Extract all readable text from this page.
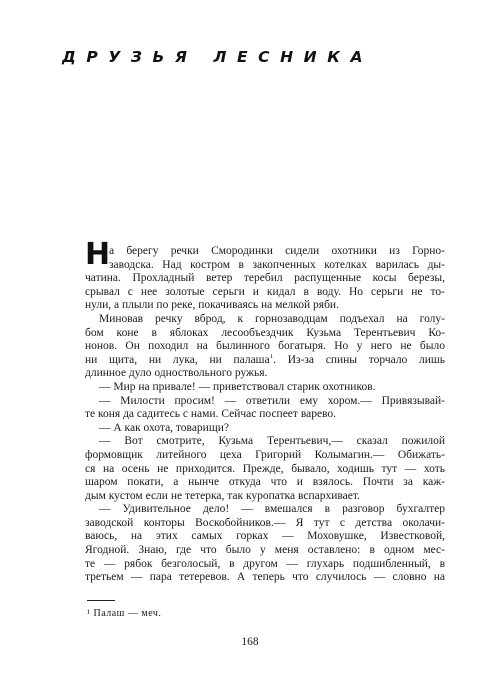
ДРУЗЬЯ ЛЕСНИКА
Н
а берегу речки Смородинки сидели охотники из Горно-
заводска. Над костром в закопченных котелках варилась ды-
чатина. Прохладный ветер теребил распущенные косы березы,
срывал с нее золотые серьги и кидал в воду. Но серьги не то-
нули, а плыли по реке, покачиваясь на мелкой ряби.
Миновав речку вброд, к горнозаводцам подъехал на голу-
бом коне в яблоках лесообъездчик Кузьма Терентьевич Ко-
нонов. Он походил на былинного богатыря. Но у него не было
ни щита, ни лука, ни палаша$^1$. Из-за спины торчало лишь
длинное дуло одноствольного ружья.
— Мир на привале! — приветствовал старик охотников.
— Милости просим! — ответили ему хором.— Привязывай-
те коня да садитесь с нами. Сейчас поспеет варево.
— А как охота, товарищи?
— Вот смотрите, Кузьма Терентьевич,— сказал пожилой
формовщик литейного цеха Григорий Колымагин.— Обижать-
ся на осень не приходится. Прежде, бывало, ходишь тут — хоть
шаром покати, а нынче откуда что и взялось. Почти за каж-
дым кустом если не тетерка, так куропатка вспархивает.
— Удивительное дело! — вмешался в разговор бухгалтер
заводской конторы Воскобойников.— Я тут с детства околачи-
ваюсь, на этих самых горках — Моховушке, Известковой,
Ягодной. Знаю, где что было у меня оставлено: в одном мес-
те — рябок безголосый, в другом — глухарь подшибленный, в
третьем — пара тетеревов. А теперь что случилось — словно на
¹ Палаш — меч.
168
